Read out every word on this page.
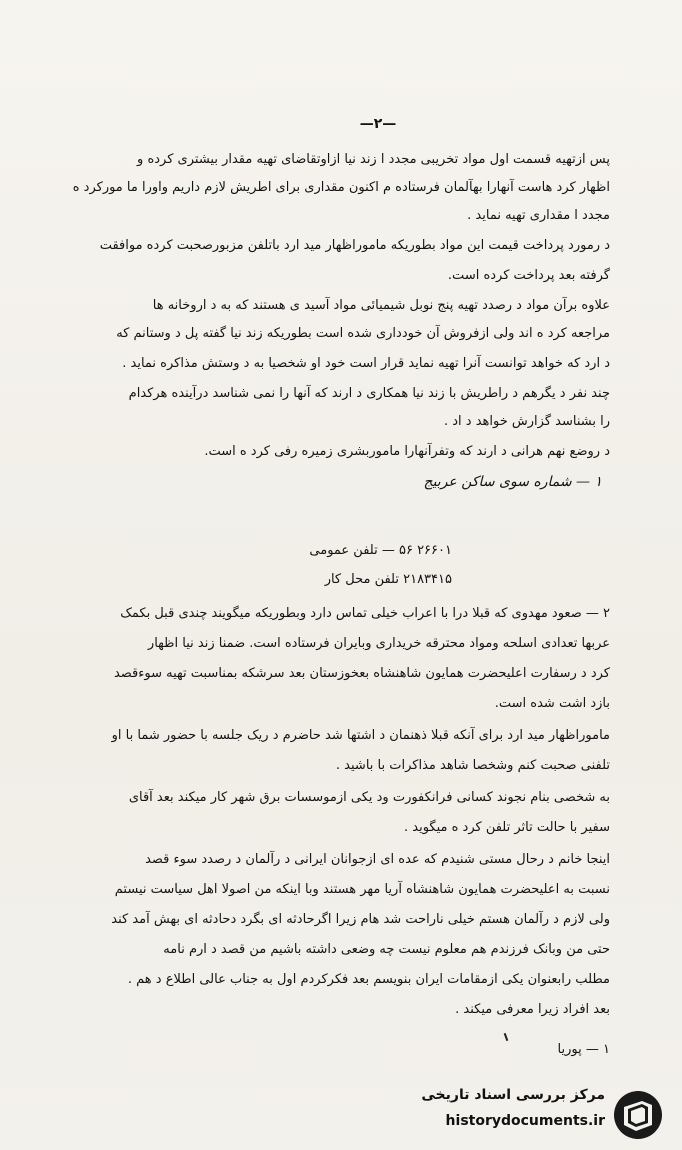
—۲—
پس ازتهیه قسمت اول مواد تخریبی مجدد ا زند نیا ازاوتقاضای تهیه مقدار بیشتری کرده و
اظهار کرد هاست آنهارا بهآلمان فرستاده م اکنون مقداری برای اطریش لازم داریم واورا ما مورکرد ه
مجدد ا مقداری تهیه نماید .
د رمورد پرداخت قیمت این مواد بطوریکه ماموراظهار مید ارد باتلفن مزبورصحبت کرده موافقت
گرفته بعد پرداخت کرده است.
علاوه برآن مواد د رصدد تهیه پنج نوبل شیمیائی مواد آسید ی هستند که به د اروخانه ها
مراجعه کرد ه اند ولی ازفروش آن خودداری شده است بطوریکه زند نیا گفته پل د وستانم که
د ارد که خواهد توانست آنرا تهیه نماید قرار است خود او شخصیا به د وستش مذاکره نماید .
چند نفر د یگرهم د راطریش با زند نیا همکاری د ارند که آنها را نمی شناسد درآینده هرکدام
را بشناسد گزارش خواهد د اد .
د روضع نهم هرانی د ارند که وتفرآنهارا ماموربشری زمیره رفی کرد ه است.
۱ — شماره سوی ساکن عربیج
۲۶۶۰۱ ۵۶ — تلفن عمومی
۲۱۸۳۴۱۵ تلفن محل کار
۲ — صعود مهدوی که قبلا درا با اعراب خیلی تماس دارد وبطوریکه میگویند چندی قبل بکمک
عربها تعدادی اسلحه ومواد محترقه خریداری وبایران فرستاده است. ضمنا زند نیا اظهار
کرد د رسفارت اعلیحضرت همایون شاهنشاه بعخوزستان بعد سرشکه بمناسبت تهیه سوءقصد
بازد اشت شده است.
ماموراظهار مید ارد برای آنکه قبلا ذهنمان د اشتها شد حاضرم د ریک جلسه با حضور شما با او
تلفنی صحبت کنم وشخصا شاهد مذاکرات با باشید .
به شخصی بنام نجوند کسانی فرانکفورت ود یکی ازموسسات برق شهر کار میکند بعد آقای
سفیر با حالت تاثر تلفن کرد ه میگوید .
اینجا خانم د رحال مستی شنیدم که عده ای ازجوانان ایرانی د رآلمان د رصدد سوء قصد
نسبت به اعلیحضرت همایون شاهنشاه آریا مهر هستند وبا اینکه من اصولا اهل سیاست نیستم
ولی لازم د رآلمان هستم خیلی ناراحت شد هام زیرا اگرحادثه ای بگرد دحادثه ای بهش آمد کند
حتی من وبانک فرزندم هم معلوم نیست چه وضعی داشته باشیم من قصد د ارم نامه
مطلب رابعنوان یکی ازمقامات ایران بنویسم بعد فکرکردم اول به جناب عالی اطلاع د هم .
بعد افراد زیرا معرفی میکند .
۱ — پوریا
مرکز بررسی اسناد تاریخی
historydocuments.ir
